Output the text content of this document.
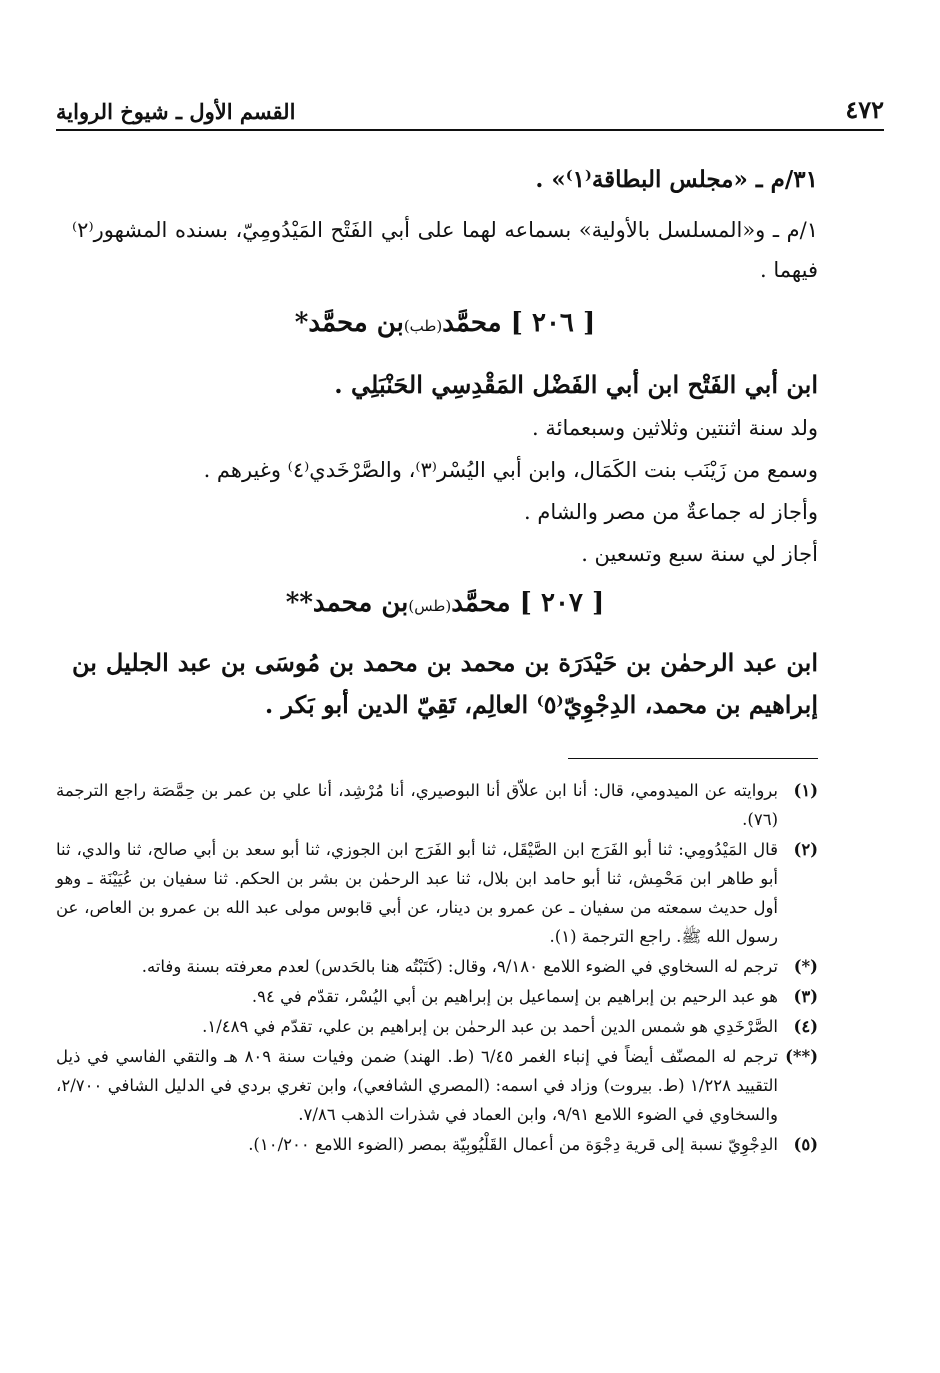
٤٧٢
القسم الأول ـ شيوخ الرواية
٣١/م ـ «مجلس البطاقة⁽١⁾» .
١/م ـ و«المسلسل بالأولية» بسماعه لهما على أبي الفَتْح المَيْدُومِيّ، بسنده المشهور⁽٢⁾ فيهما .
[ ٢٠٦ ] محمَّد(طب)بن محمَّد*
ابن أبي الفَتْح ابن أبي الفَضْل المَقْدِسِي الحَنْبَلِي .
ولد سنة اثنتين وثلاثين وسبعمائة .
وسمع من زَيْنَب بنت الكَمَال، وابن أبي اليُسْر⁽٣⁾، والصَّرْخَدي⁽٤⁾ وغيرهم .
وأجاز له جماعةٌ من مصر والشام .
أجاز لي سنة سبع وتسعين .
[ ٢٠٧ ] محمَّد(طس)بن محمد**
ابن عبد الرحمٰن بن حَيْدَرَة بن محمد بن محمد بن مُوسَى بن عبد الجليل بن إبراهيم بن محمد، الدِجْوِيّ⁽٥⁾ العالِم، تَقِيّ الدين أبو بَكر .
(١)
بروايته عن الميدومي، قال: أنا ابن علاّق أنا البوصيري، أنا مُرْشِد، أنا علي بن عمر بن حِمَّصَة راجع الترجمة (٧٦).
(٢)
قال المَيْدُومِي: ثنا أبو الفَرَج ابن الصَّيْقَل، ثنا أبو الفَرَج ابن الجوزي، ثنا أبو سعد بن أبي صالح، ثنا والدي، ثنا أبو طاهر ابن مَحْمِش، ثنا أبو حامد ابن بلال، ثنا عبد الرحمٰن بن بشر بن الحكم. ثنا سفيان بن عُيَيْنَة ـ وهو أول حديث سمعته من سفيان ـ عن عمرو بن دينار، عن أبي قابوس مولى عبد الله بن عمرو بن العاص، عن رسول الله ﷺ. راجع الترجمة (١).
(*)
ترجم له السخاوي في الضوء اللامع ٩/١٨٠، وقال: (كَتَبْتُه هنا بالحَدس) لعدم معرفته بسنة وفاته.
(٣)
هو عبد الرحيم بن إبراهيم بن إسماعيل بن إبراهيم بن أبي اليُسْر، تقدّم في ٩٤.
(٤)
الصَّرْخَدِي هو شمس الدين أحمد بن عبد الرحمٰن بن إبراهيم بن علي، تقدّم في ١/٤٨٩.
(**)
ترجم له المصنّف أيضاً في إنباء الغمر ٦/٤٥ (ط. الهند) ضمن وفيات سنة ٨٠٩ هـ والتقي الفاسي في ذيل التقييد ١/٢٢٨ (ط. بيروت) وزاد في اسمه: (المصري الشافعي)، وابن تغري بردي في الدليل الشافي ٢/٧٠٠، والسخاوي في الضوء اللامع ٩/٩١، وابن العماد في شذرات الذهب ٧/٨٦.
(٥)
الدِجْوِيّ نسبة إلى قرية دِجْوَة من أعمال القَلْيُوبِيّة بمصر (الضوء اللامع ١٠/٢٠٠).
